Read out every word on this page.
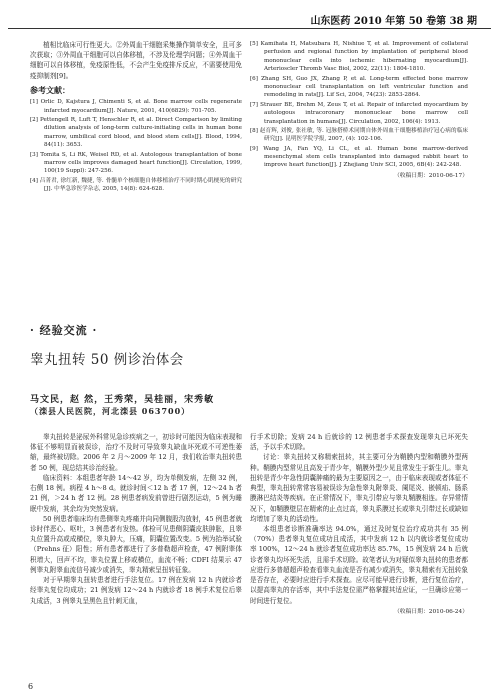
山东医药 2010 年第 50 卷第 38 期

植相比临床可行性更大。②外周血干细胞采集操作简单安全，且可多次获取；③外周血干细胞可以自体移植，不涉及伦理学问题；④外周血干细胞可以自体移植，免疫原性低，不会产生免疫排斥反应，不需要使用免疫抑制剂[9]。

参考文献：

[1] Orlic D, Kajstura J, Chimenti S, et al. Bone marrow cells regenerate infarcted myocardium[J]. Nature, 2001, 410(6829): 701-705.

[2] Pettengell R, Luft T, Henschler R, et al. Direct Comparison by limiting dilution analysis of long-term culture-initiating cells in human bone marrow, umbilical cord blood, and blood stem cells[J]. Blood, 1994, 84(11): 3653.

[3] Tomita S, Li RK, Weisel RD, et al. Autologous transplantation of bone marrow cells improves damaged heart function[J]. Circulation, 1999, 100(19 Suppl): 247-256.

[4] 吕菁君, 徐红新, 魏捷, 等. 骨髓单个核细胞自体移植治疗不同时期心肌梗死的研究[J]. 中华急诊医学杂志, 2005, 14(8): 624-628.

[5] Kamihata H, Matsubara H, Nishiue T, et al. Improvement of collateral perfusion and regional function by implantation of peripheral blood mononuclear cells into ischemic hibernating myocardium[J]. Arterioscler Thromb Vasc Biol, 2002, 22(11): 1804-1810.

[6] Zhang SH, Guo JX, Zhang P, et al. Long-term effected bone marrow mononuclear cell transplantation on left ventricular function and remodeling in rats[J]. Lif Sci, 2004, 74(23): 2853-2864.

[7] Strauer BE, Brehm M, Zeus T, et al. Repair of infarcted myocardium by autologous intracoronary mononuclear bone marrow cell transplantation in humans[J]. Circulation, 2002, 106(4): 1913.

[8] 赵育辉, 刘俊, 张社敏, 等. 冠脉搭桥术同期自体外周血干细胞移植治疗冠心病的临床研究[J]. 昆明医学院学报, 2007, (4): 102-106.

[9] Wang JA, Fan YQ, Li CL, et al. Human bone marrow-derived mesenchymal stem cells transplanted into damaged rabbit heart to improve heart function[J]. J Zhejiang Univ SCI, 2005, 6B(4): 242-248.

（收稿日期：2010-06-17）
· 经验交流 ·
睾丸扭转 50 例诊治体会
马文民，赵 然，王秀荣，吴桂丽，宋秀敏
（滦县人民医院，河北滦县 063700）

睾丸扭转是泌尿外科常见急诊疾病之一，初诊时可能因为临床表现和体征不够明显而被误诊，治疗不及时可导致睾丸缺血坏死或不可逆性萎缩，最终被切除。2006 年 2 月～2009 年 12 月，我们收治睾丸扭转患者 50 例，现总结其诊治经验。

临床资料：本组患者年龄 14～42 岁，均为单侧发病，左侧 32 例，右侧 18 例。病程 4 h～8 d。就诊时间＜12 h 者 17 例，12～24 h 者 21 例，＞24 h 者 12 例。28 例患者病发前曾进行剧烈运动，5 例为睡眠中发病，其余均为突然发病。

50 例患者临床均有患侧睾丸疼痛并向同侧腹股沟放射，45 例患者就诊时伴恶心、呕吐，3 例患者有发热。体检可见患侧阴囊皮肤肿胀，且睾丸位置升高或成横位，睾丸肿大，压痛，阴囊位置改变。5 例为抬举试验（Prehns 征）阳性；所有患者都进行了多普勒超声检查，47 例附睾体积增大，回声不均，睾丸位置上移或横位，血流不畅；CDFI 结果示 47 例睾丸附睾血流信号减少或消失，睾丸精索呈扭转征象。

对于早期睾丸扭转患者进行手法复位。17 例在发病 12 h 内就诊者经睾丸复位均成功；21 例发病 12～24 h 内就诊者 18 例手术复位后睾丸成活，3 例睾丸呈黑色且针刺无血，

行手术切除；发病 24 h 后就诊的 12 例患者手术探查发现睾丸已坏死失活，予以手术切除。

讨论：睾丸扭转又称精索扭转，其主要可分为鞘膜内型和鞘膜外型两种。鞘膜内型常见且高发于青少年，鞘膜外型少见且常发生于新生儿。睾丸扭转是青少年急性阴囊肿痛的最为主要原因之一，由于临床表现或者体征不典型，睾丸扭转常常容易被误诊为急性睾丸附睾炎、阑尾炎、嵌顿疝、肠系膜淋巴结炎等疾病。在正常情况下，睾丸引带应与睾丸鞘膜相连。存异常情况下，如鞘膜壁层在精索的止点过高，睾丸系膜过长或睾丸引带过长或缺如均增加了睾丸的活动性。

本组患者诊断准确率达 94.0%，通过及时复位治疗成功共有 35 例（70%）患者睾丸复位成功且成活，其中发病 12 h 以内就诊者复位成功率 100%，12～24 h 就诊者复位成功率达 85.7%，15 例发病 24 h 后就诊者睾丸均坏死失活，且需手术切除。故笔者认为对疑似睾丸扭转的患者都应进行多普超超声检查看睾丸血流是否有减少或消失，睾丸精索有无扭转象是否存在，必要时应进行手术探查。应尽可能早进行诊断，进行复位治疗，以提高睾丸的存活率，其中手法复位需严格掌握其适应证，一旦确诊应第一时间进行复位。

（收稿日期：2010-06-24）
6
